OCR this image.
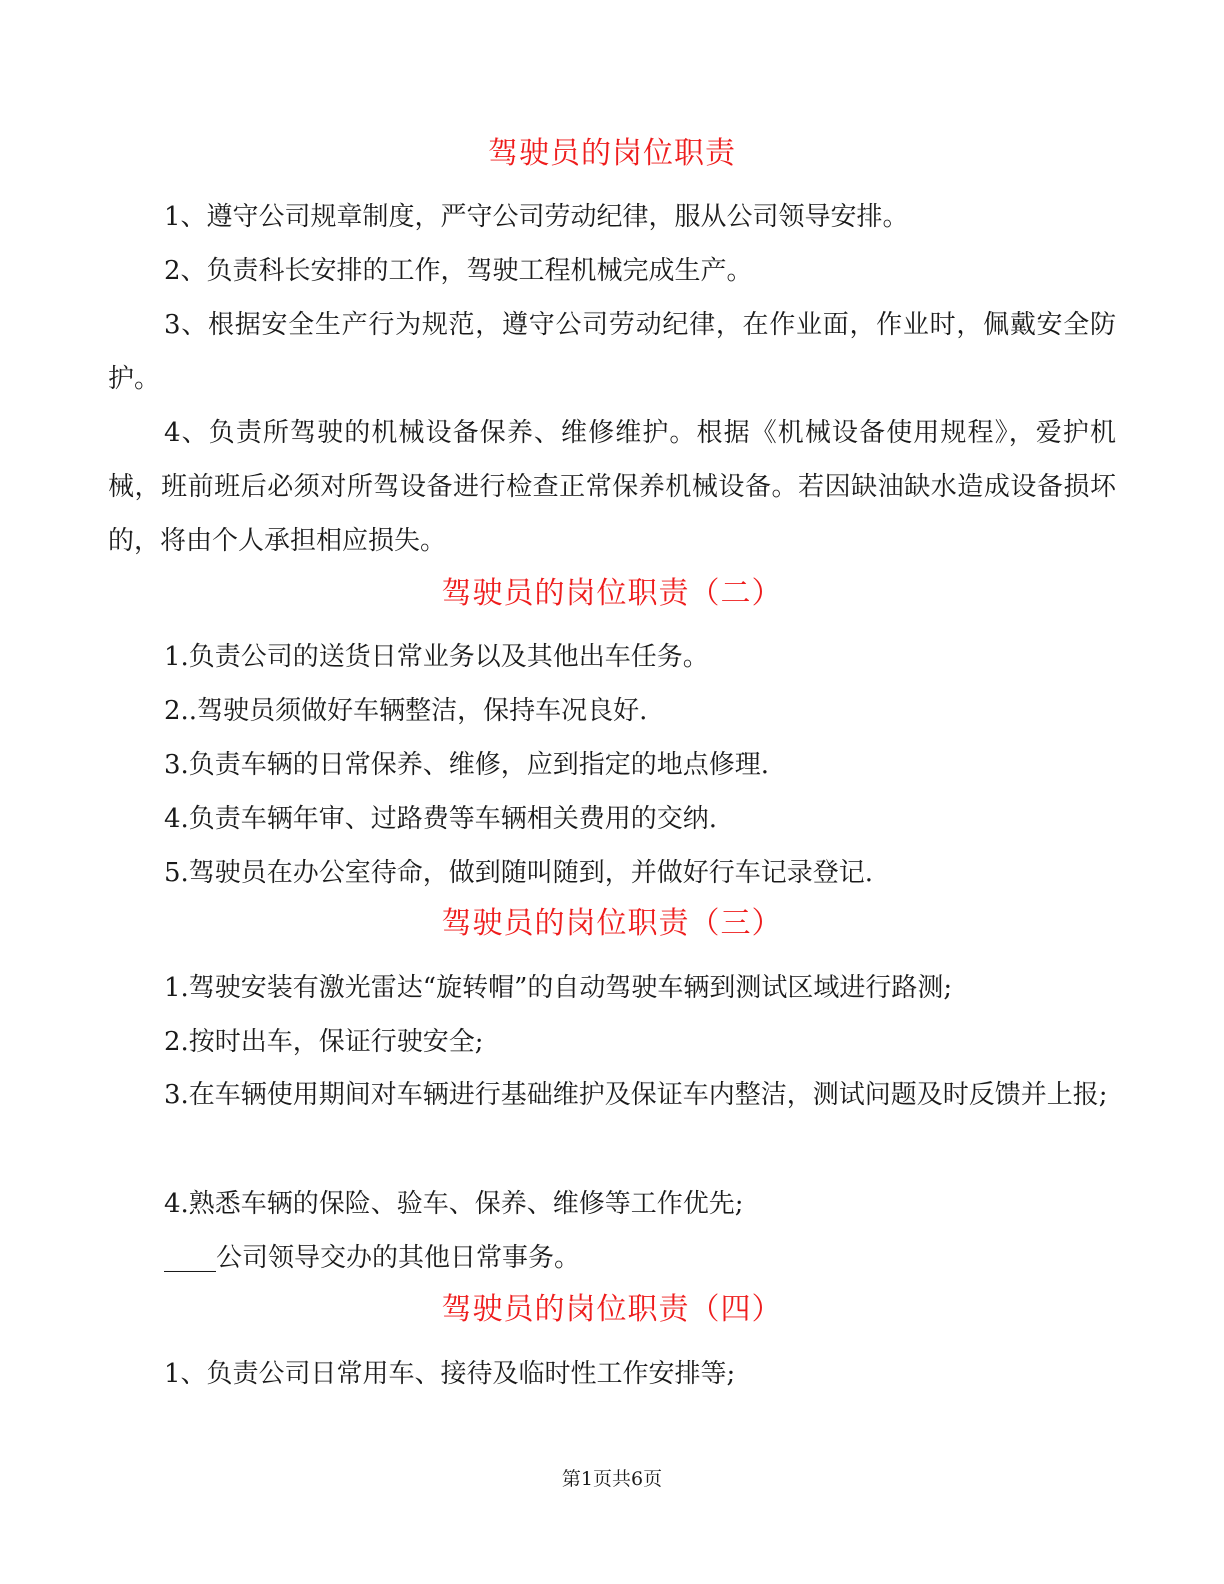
驾驶员的岗位职责

1、遵守公司规章制度，严守公司劳动纪律，服从公司领导安排。

2、负责科长安排的工作，驾驶工程机械完成生产。

3、根据安全生产行为规范，遵守公司劳动纪律，在作业面，作业时，佩戴安全防护。

4、负责所驾驶的机械设备保养、维修维护。根据《机械设备使用规程》，爱护机械，班前班后必须对所驾设备进行检查正常保养机械设备。若因缺油缺水造成设备损坏的，将由个人承担相应损失。

驾驶员的岗位职责（二）

1.负责公司的送货日常业务以及其他出车任务。

2..驾驶员须做好车辆整洁，保持车况良好.

3.负责车辆的日常保养、维修，应到指定的地点修理.

4.负责车辆年审、过路费等车辆相关费用的交纳.

5.驾驶员在办公室待命，做到随叫随到，并做好行车记录登记.

驾驶员的岗位职责（三）

1.驾驶安装有激光雷达“旋转帽”的自动驾驶车辆到测试区域进行路测;

2.按时出车，保证行驶安全;

3.在车辆使用期间对车辆进行基础维护及保证车内整洁，测试问题及时反馈并上报;

4.熟悉车辆的保险、验车、保养、维修等工作优先;

____公司领导交办的其他日常事务。

驾驶员的岗位职责（四）

1、负责公司日常用车、接待及临时性工作安排等;

第1页共6页
